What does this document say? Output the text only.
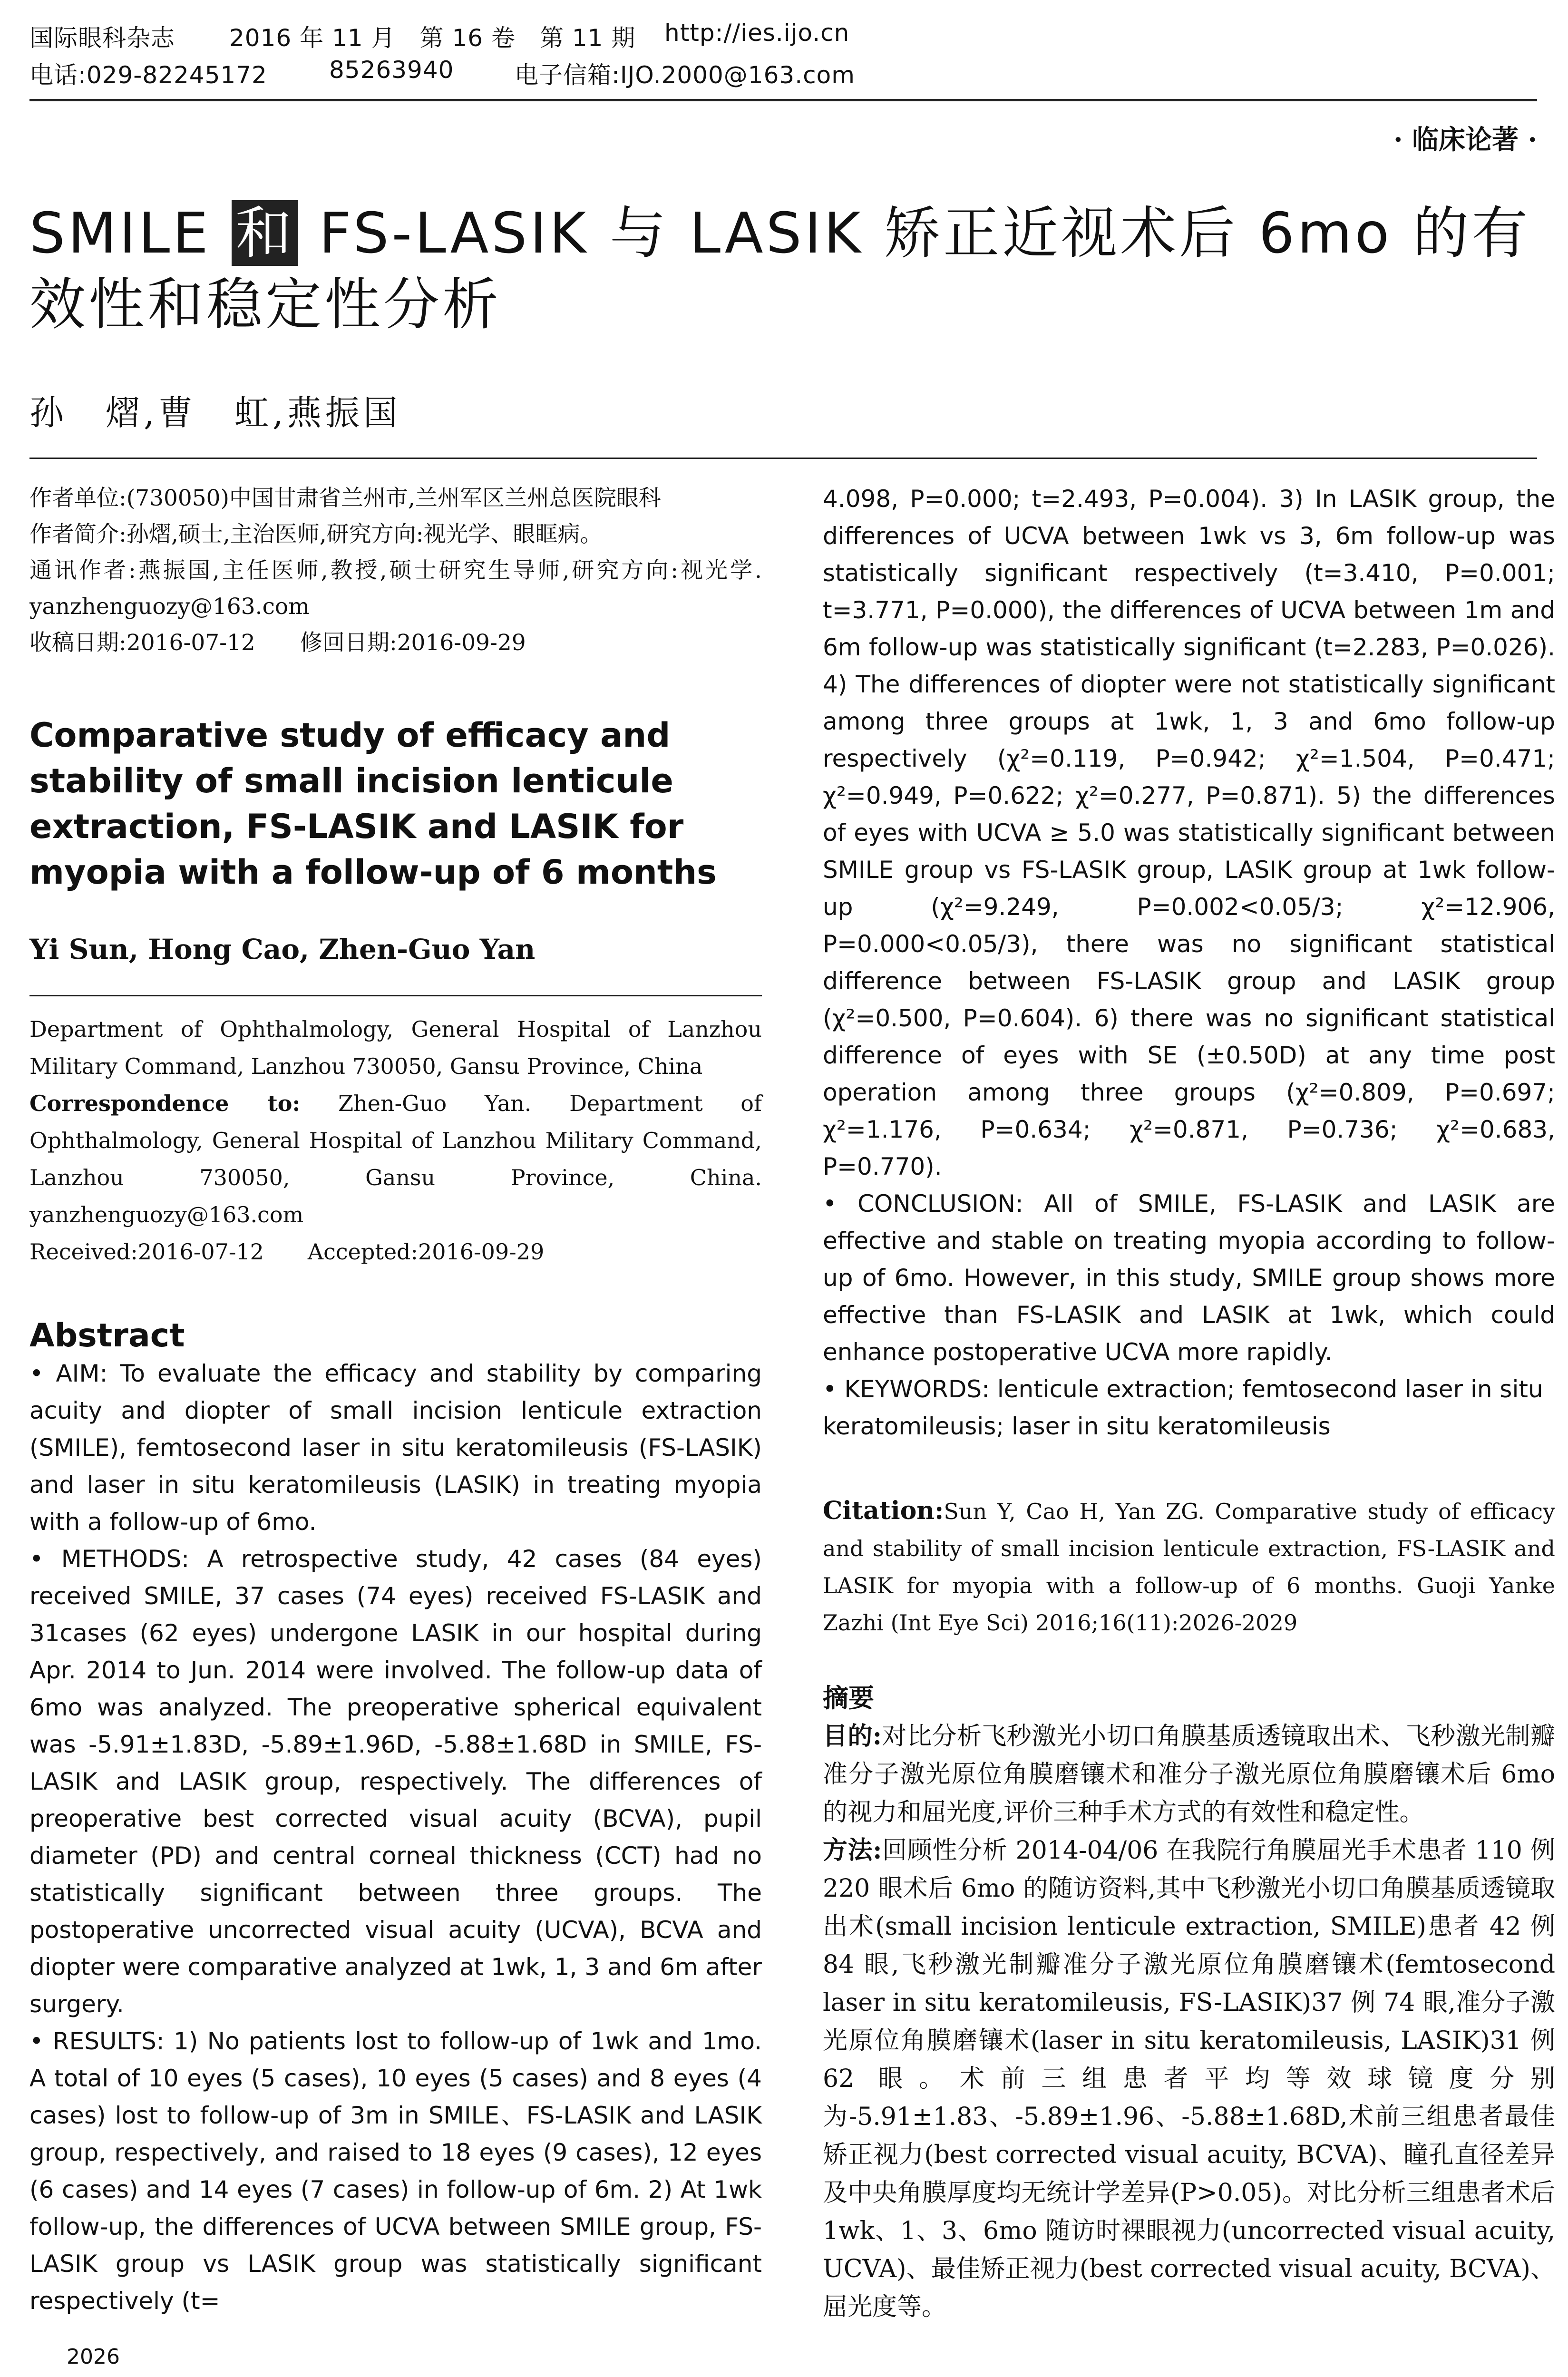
国际眼科杂志 2016 年 11 月　第 16 卷　第 11 期 http://ies.ijo.cn
电话:029-82245172	85263940	电子信箱:IJO.2000@163.com
· 临床论著 ·
SMILE 和 FS-LASIK 与 LASIK 矫正近视术后 6mo 的有效性和稳定性分析
孙　熠,曹　虹,燕振国

作者单位:(730050)中国甘肃省兰州市,兰州军区兰州总医院眼科

作者简介:孙熠,硕士,主治医师,研究方向:视光学、眼眶病。

通讯作者:燕振国,主任医师,教授,硕士研究生导师,研究方向:视光学. yanzhenguozy@163.com

收稿日期:2016-07-12　　修回日期:2016-09-29

Comparative study of efficacy and stability of small incision lenticule extraction, FS-LASIK and LASIK for myopia with a follow-up of 6 months

Yi Sun, Hong Cao, Zhen-Guo Yan

Department of Ophthalmology, General Hospital of Lanzhou Military Command, Lanzhou 730050, Gansu Province, China

Correspondence to: Zhen-Guo Yan. Department of Ophthalmology, General Hospital of Lanzhou Military Command, Lanzhou 730050, Gansu Province, China. yanzhenguozy@163.com

Received:2016-07-12　　Accepted:2016-09-29

Abstract

• AIM: To evaluate the efficacy and stability by comparing acuity and diopter of small incision lenticule extraction (SMILE), femtosecond laser in situ keratomileusis (FS-LASIK) and laser in situ keratomileusis (LASIK) in treating myopia with a follow-up of 6mo.

• METHODS: A retrospective study, 42 cases (84 eyes) received SMILE, 37 cases (74 eyes) received FS-LASIK and 31cases (62 eyes) undergone LASIK in our hospital during Apr. 2014 to Jun. 2014 were involved. The follow-up data of 6mo was analyzed. The preoperative spherical equivalent was -5.91±1.83D, -5.89±1.96D, -5.88±1.68D in SMILE, FS-LASIK and LASIK group, respectively. The differences of preoperative best corrected visual acuity (BCVA), pupil diameter (PD) and central corneal thickness (CCT) had no statistically significant between three groups. The postoperative uncorrected visual acuity (UCVA), BCVA and diopter were comparative analyzed at 1wk, 1, 3 and 6m after surgery.

• RESULTS: 1) No patients lost to follow-up of 1wk and 1mo. A total of 10 eyes (5 cases), 10 eyes (5 cases) and 8 eyes (4 cases) lost to follow-up of 3m in SMILE、FS-LASIK and LASIK group, respectively, and raised to 18 eyes (9 cases), 12 eyes (6 cases) and 14 eyes (7 cases) in follow-up of 6m. 2) At 1wk follow-up, the differences of UCVA between SMILE group, FS-LASIK group vs LASIK group was statistically significant respectively (t=

4.098, P=0.000; t=2.493, P=0.004). 3) In LASIK group, the differences of UCVA between 1wk vs 3, 6m follow-up was statistically significant respectively (t=3.410, P=0.001; t=3.771, P=0.000), the differences of UCVA between 1m and 6m follow-up was statistically significant (t=2.283, P=0.026). 4) The differences of diopter were not statistically significant among three groups at 1wk, 1, 3 and 6mo follow-up respectively (χ²=0.119, P=0.942; χ²=1.504, P=0.471; χ²=0.949, P=0.622; χ²=0.277, P=0.871). 5) the differences of eyes with UCVA ≥ 5.0 was statistically significant between SMILE group vs FS-LASIK group, LASIK group at 1wk follow-up (χ²=9.249, P=0.002<0.05/3; χ²=12.906, P=0.000<0.05/3), there was no significant statistical difference between FS-LASIK group and LASIK group (χ²=0.500, P=0.604). 6) there was no significant statistical difference of eyes with SE (±0.50D) at any time post operation among three groups (χ²=0.809, P=0.697; χ²=1.176, P=0.634; χ²=0.871, P=0.736; χ²=0.683, P=0.770).

• CONCLUSION: All of SMILE, FS-LASIK and LASIK are effective and stable on treating myopia according to follow-up of 6mo. However, in this study, SMILE group shows more effective than FS-LASIK and LASIK at 1wk, which could enhance postoperative UCVA more rapidly.

• KEYWORDS: lenticule extraction; femtosecond laser in situ keratomileusis; laser in situ keratomileusis

Citation:Sun Y, Cao H, Yan ZG. Comparative study of efficacy and stability of small incision lenticule extraction, FS-LASIK and LASIK for myopia with a follow-up of 6 months. Guoji Yanke Zazhi (Int Eye Sci) 2016;16(11):2026-2029

摘要

目的:对比分析飞秒激光小切口角膜基质透镜取出术、飞秒激光制瓣准分子激光原位角膜磨镶术和准分子激光原位角膜磨镶术后 6mo 的视力和屈光度,评价三种手术方式的有效性和稳定性。

方法:回顾性分析 2014-04/06 在我院行角膜屈光手术患者 110 例 220 眼术后 6mo 的随访资料,其中飞秒激光小切口角膜基质透镜取出术(small incision lenticule extraction, SMILE)患者 42 例 84 眼,飞秒激光制瓣准分子激光原位角膜磨镶术(femtosecond laser in situ keratomileusis, FS-LASIK)37 例 74 眼,准分子激光原位角膜磨镶术(laser in situ keratomileusis, LASIK)31 例 62 眼。术前三组患者平均等效球镜度分别为-5.91±1.83、-5.89±1.96、-5.88±1.68D,术前三组患者最佳矫正视力(best corrected visual acuity, BCVA)、瞳孔直径差异及中央角膜厚度均无统计学差异(P>0.05)。对比分析三组患者术后 1wk、1、3、6mo 随访时裸眼视力(uncorrected visual acuity, UCVA)、最佳矫正视力(best corrected visual acuity, BCVA)、屈光度等。

2026
